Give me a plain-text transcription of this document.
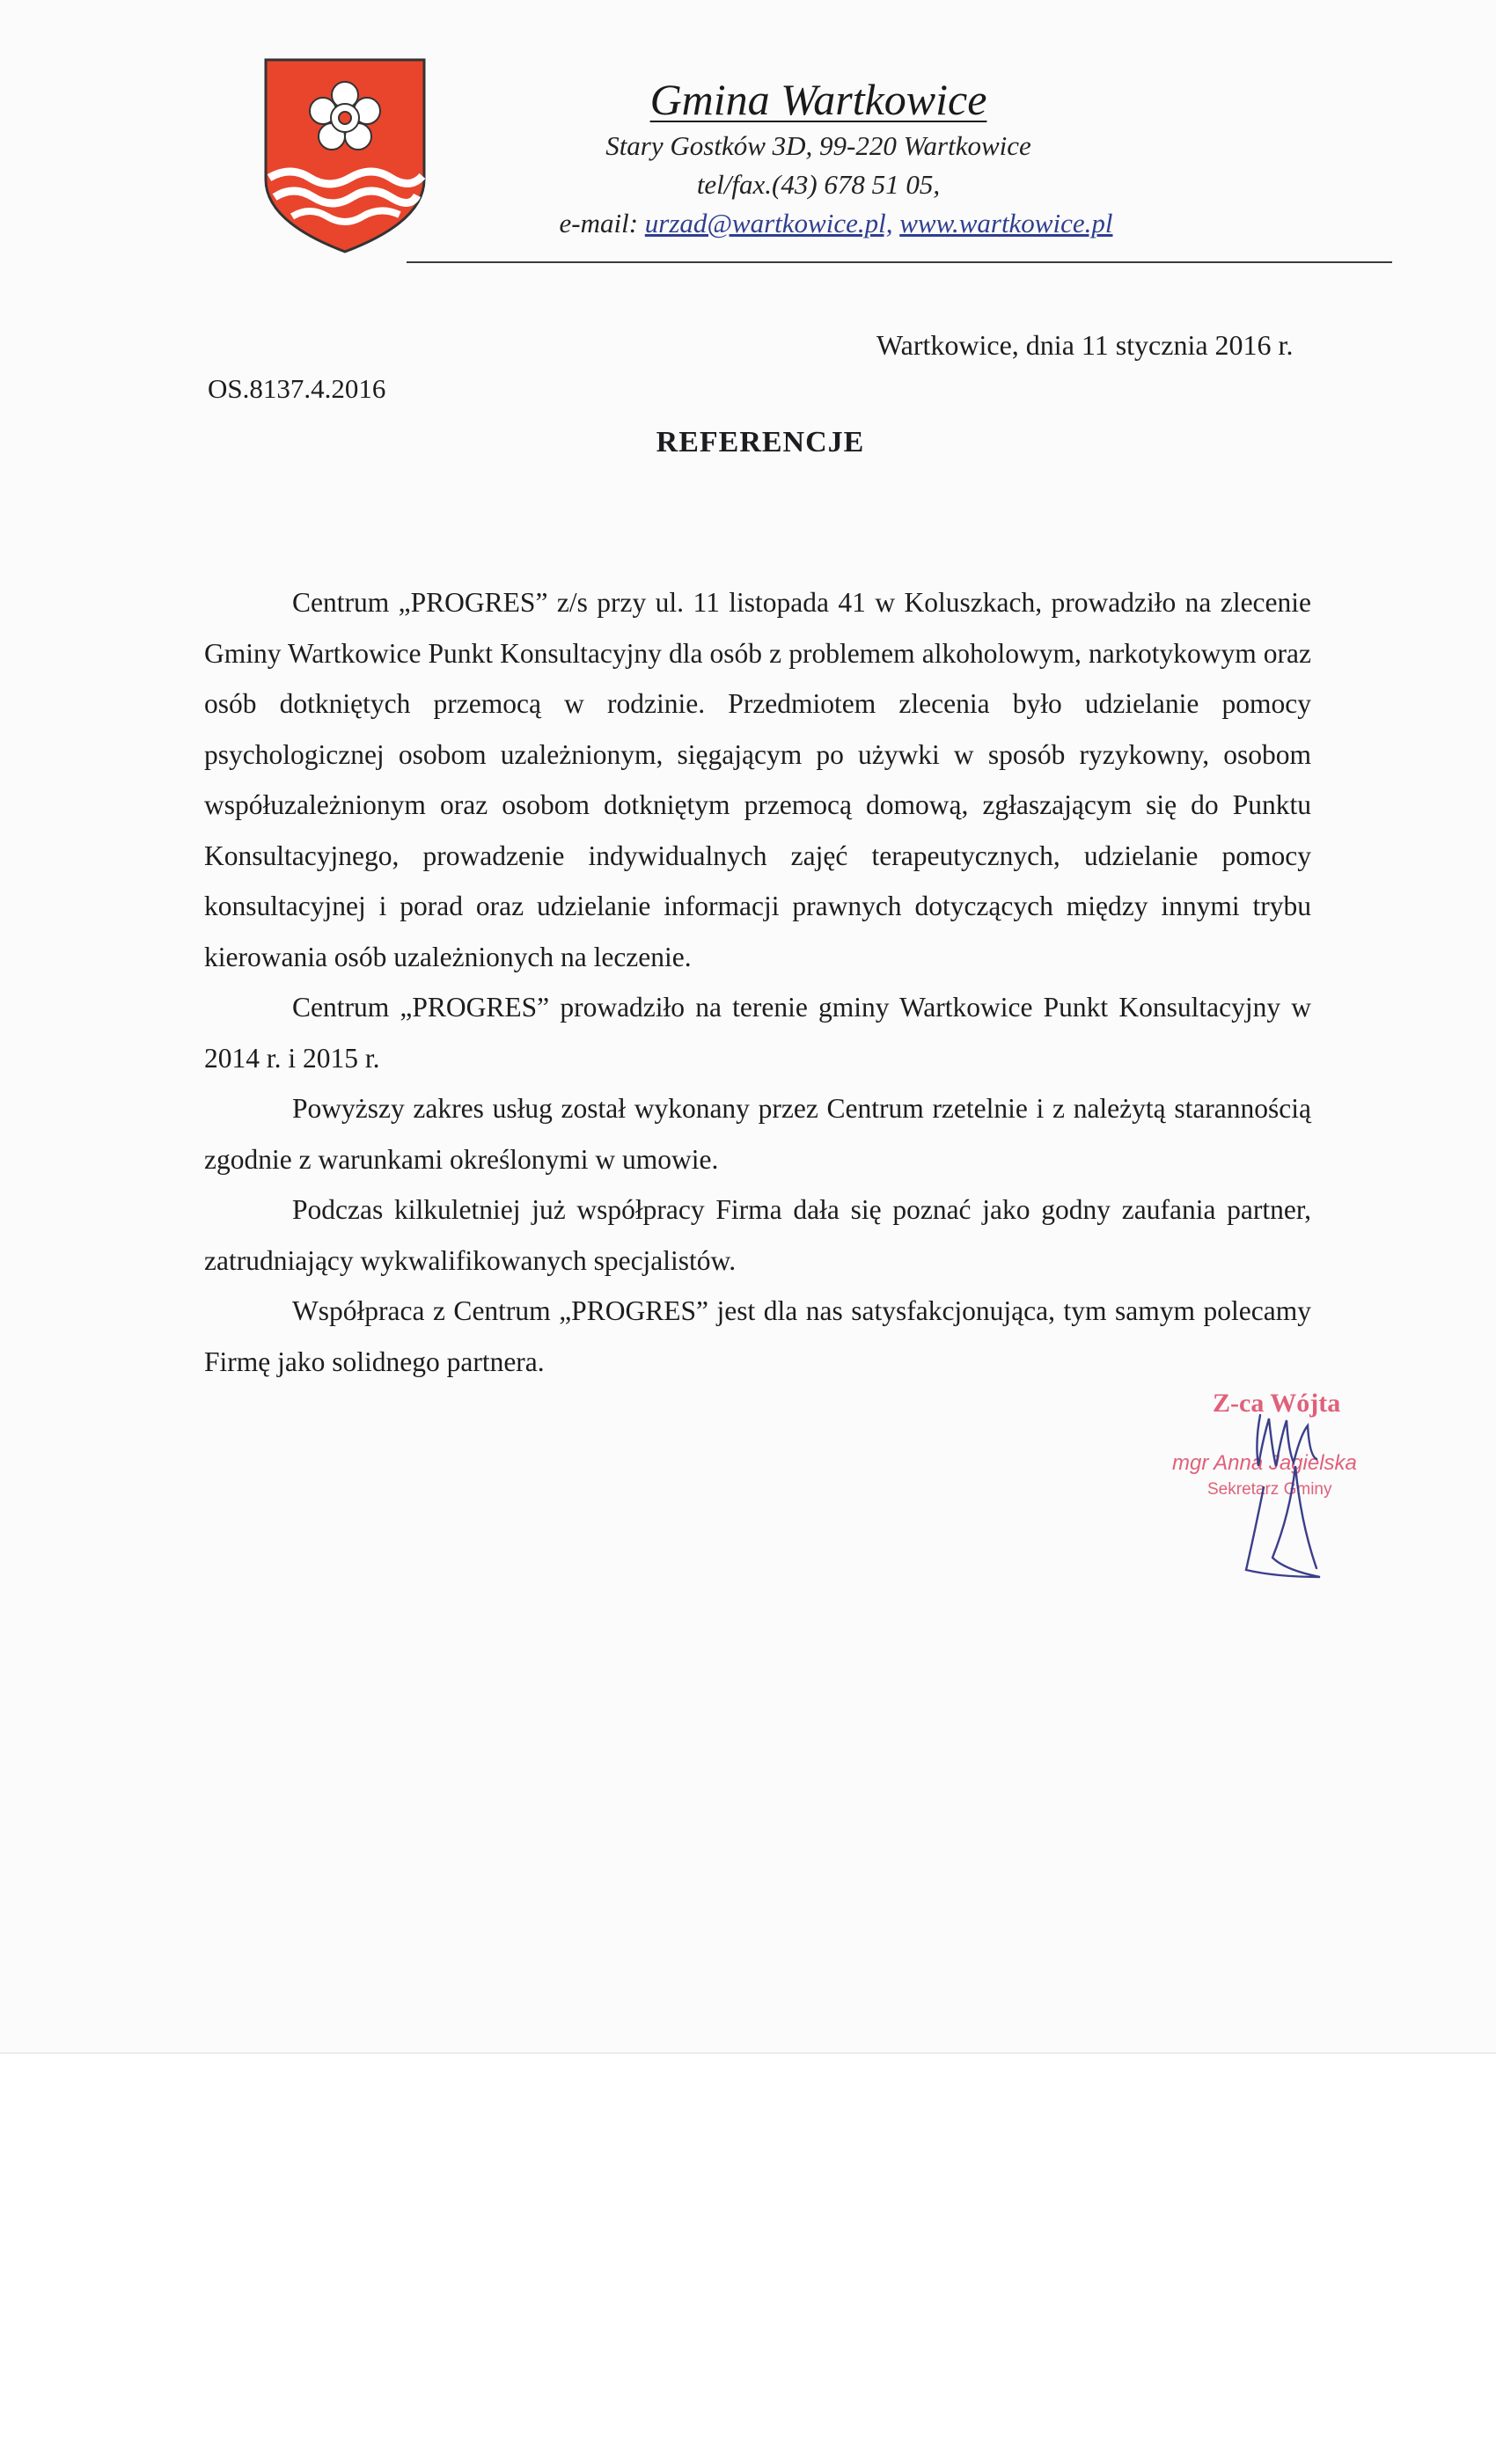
Gmina Wartkowice

Stary Gostków 3D, 99-220 Wartkowice

tel/fax.(43) 678 51 05,

e-mail: urzad@wartkowice.pl, www.wartkowice.pl

Wartkowice, dnia 11 stycznia 2016 r.
OS.8137.4.2016
REFERENCJE

Centrum „PROGRES” z/s przy ul. 11 listopada 41 w Koluszkach, prowadziło na zlecenie Gminy Wartkowice Punkt Konsultacyjny dla osób z problemem alkoholowym, narkotykowym oraz osób dotkniętych przemocą w rodzinie. Przedmiotem zlecenia było udzielanie pomocy psychologicznej osobom uzależnionym, sięgającym po używki w sposób ryzykowny, osobom współuzależnionym oraz osobom dotkniętym przemocą domową, zgłaszającym się do Punktu Konsultacyjnego, prowadzenie indywidualnych zajęć terapeutycznych, udzielanie pomocy konsultacyjnej i porad oraz udzielanie informacji prawnych dotyczących między innymi trybu kierowania osób uzależnionych na leczenie.

Centrum „PROGRES” prowadziło na terenie gminy Wartkowice Punkt Konsultacyjny w 2014 r. i 2015 r.

Powyższy zakres usług został wykonany przez Centrum rzetelnie i z należytą starannością zgodnie z warunkami określonymi w umowie.

Podczas kilkuletniej już współpracy Firma dała się poznać jako godny zaufania partner, zatrudniający wykwalifikowanych specjalistów.

Współpraca z Centrum „PROGRES” jest dla nas satysfakcjonująca, tym samym polecamy Firmę jako solidnego partnera.

Z-ca Wójta
mgr Anna Jagielska
Sekretarz Gminy
